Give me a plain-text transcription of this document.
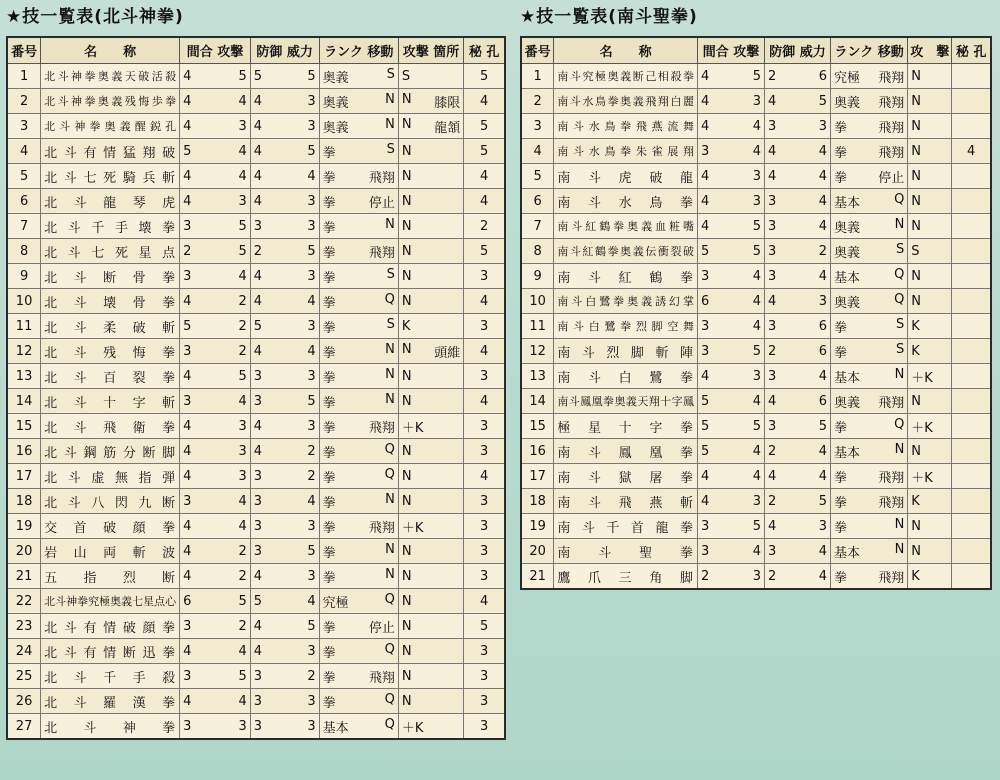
★技一覧表(北斗神拳)
番号	名　　称	間合 攻撃	防御 威力	ランク 移動	攻撃 箇所	秘 孔
1	北斗神拳奥義天破活殺	4 5	5 5	奥義 S	S	5
2	北斗神拳奥義残悔歩拳	4 4	4 3	奥義 N	N 膝限	4
3	北斗神拳奥義醒鋭孔	4 3	4 3	奥義 N	N 龍頷	5
4	北斗有情猛翔破	5 4	4 5	拳 S	N	5
5	北斗七死騎兵斬	4 4	4 4	拳 飛翔	N	4
6	北斗龍琴虎	4 3	4 3	拳 停止	N	4
7	北斗千手壊拳	3 5	3 3	拳 N	N	2
8	北斗七死星点	2 5	2 5	拳 飛翔	N	5
9	北斗断骨拳	3 4	4 3	拳 S	N	3
10	北斗壊骨拳	4 2	4 4	拳 Q	N	4
11	北斗柔破斬	5 2	5 3	拳 S	K	3
12	北斗残悔拳	3 2	4 4	拳 N	N 頭維	4
13	北斗百裂拳	4 5	3 3	拳 N	N	3
14	北斗十字斬	3 4	3 5	拳 N	N	4
15	北斗飛衛拳	4 3	4 3	拳 飛翔	＋K	3
16	北斗鋼筋分断脚	4 3	4 2	拳 Q	N	3
17	北斗虚無指弾	4 3	3 2	拳 Q	N	4
18	北斗八閃九断	3 4	3 4	拳 N	N	3
19	交首破顔拳	4 4	3 3	拳 飛翔	＋K	3
20	岩山両斬波	4 2	3 5	拳 N	N	3
21	五指烈断	4 2	4 3	拳 N	N	3
22	北斗神拳究極奥義七星点心	6 5	5 4	究極 Q	N	4
23	北斗有情破顔拳	3 2	4 5	拳 停止	N	5
24	北斗有情断迅拳	4 4	4 3	拳 Q	N	3
25	北斗千手殺	3 5	3 2	拳 飛翔	N	3
26	北斗羅漢拳	4 4	3 3	拳 Q	N	3
27	北斗神拳	3 3	3 3	基本 Q	＋K	3
★技一覧表(南斗聖拳)
番号	名　　称	間合 攻撃	防御 威力	ランク 移動	攻　撃	秘 孔
1	南斗究極奥義断己相殺拳	4 5	2 6	究極 飛翔	N	
2	南斗水鳥拳奥義飛翔白麗	4 3	4 5	奥義 飛翔	N	
3	南斗水鳥拳飛燕流舞	4 4	3 3	拳 飛翔	N	
4	南斗水鳥拳朱雀展翔	3 4	4 4	拳 飛翔	N	4
5	南斗虎破龍	4 3	4 4	拳 停止	N	
6	南斗水鳥拳	4 3	3 4	基本 Q	N	
7	南斗紅鶴拳奥義血粧嘴	4 5	3 4	奥義 N	N	
8	南斗紅鶴拳奥義伝衝裂破	5 5	3 2	奥義 S	S	
9	南斗紅鶴拳	3 4	3 4	基本 Q	N	
10	南斗白鷺拳奥義誘幻掌	6 4	4 3	奥義 Q	N	
11	南斗白鷺拳烈脚空舞	3 4	3 6	拳 S	K	
12	南斗烈脚斬陣	3 5	2 6	拳 S	K	
13	南斗白鷺拳	4 3	3 4	基本 N	＋K	
14	南斗鳳凰拳奥義天翔十字鳳	5 4	4 6	奥義 飛翔	N	
15	極星十字拳	5 5	3 5	拳 Q	＋K	
16	南斗鳳凰拳	5 4	2 4	基本 N	N	
17	南斗獄屠拳	4 4	4 4	拳 飛翔	＋K	
18	南斗飛燕斬	4 3	2 5	拳 飛翔	K	
19	南斗千首龍拳	3 5	4 3	拳 N	N	
20	南斗聖拳	3 4	3 4	基本 N	N	
21	鷹爪三角脚	2 3	2 4	拳 飛翔	K	
